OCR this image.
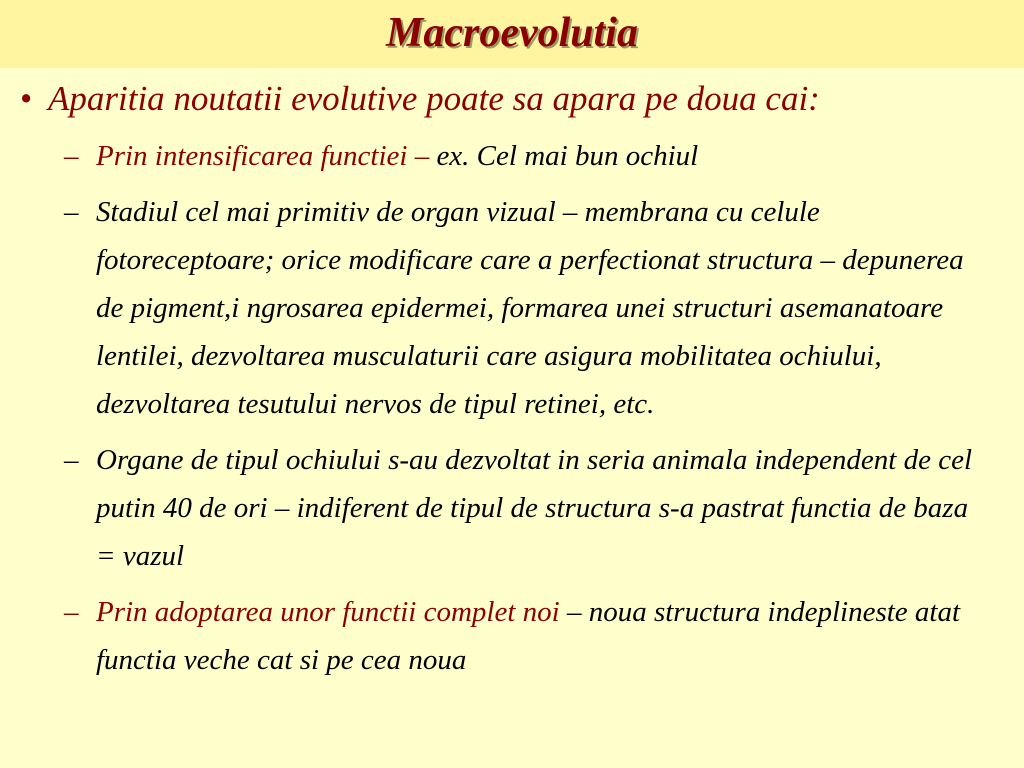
Macroevolutia
• Aparitia noutatii evolutive poate sa apara pe doua cai:
– Prin intensificarea functiei – ex. Cel mai bun ochiul
– Stadiul cel mai primitiv de organ vizual – membrana cu celule fotoreceptoare; orice modificare care a perfectionat structura – depunerea de pigment,i ngrosarea epidermei, formarea unei structuri asemanatoare lentilei, dezvoltarea musculaturii care asigura mobilitatea ochiului, dezvoltarea tesutului nervos de tipul retinei, etc.
– Organe de tipul ochiului s-au dezvoltat in seria animala independent de cel putin 40 de ori – indiferent de tipul de structura s-a pastrat functia de baza = vazul
– Prin adoptarea unor functii complet noi – noua structura indeplineste atat functia veche cat si pe cea noua
